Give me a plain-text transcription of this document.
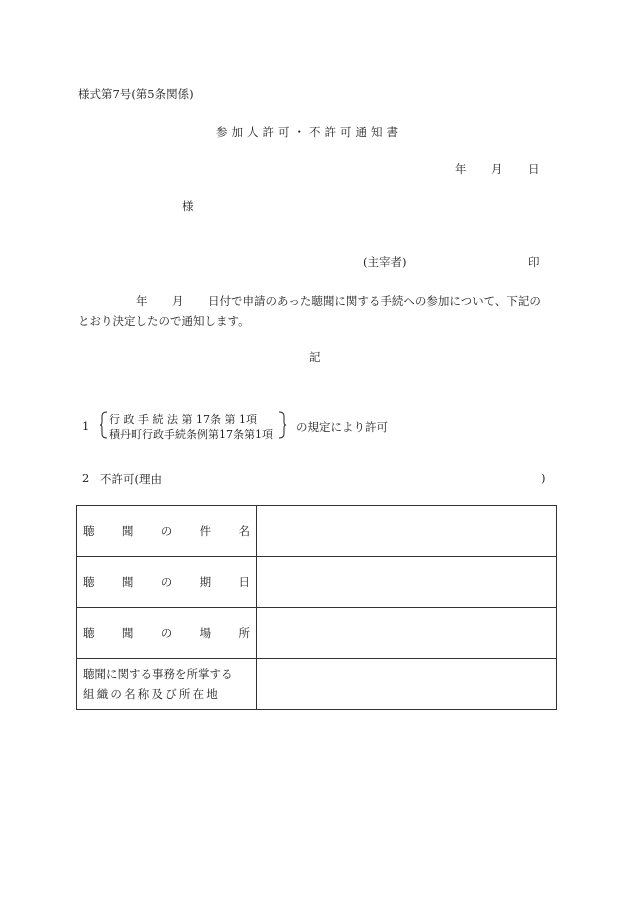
様式第7号(第5条関係)
参加人許可・不許可通知書
年 月 日
様
(主宰者)	印
年 月 日付で申請のあった聴聞に関する手続への参加について、下記の
とおり決定したので通知します。
記
1 行 政 手 続 法 第 17条 第 1項
積丹町行政手続条例第17条第1項
の規定により許可
2 不許可(理由	)
聴 聞 の 件 名	

聴 聞 の 期 日	

聴 聞 の 場 所	

聴聞に関する事務を所掌する
組織の名称及び所在地	
